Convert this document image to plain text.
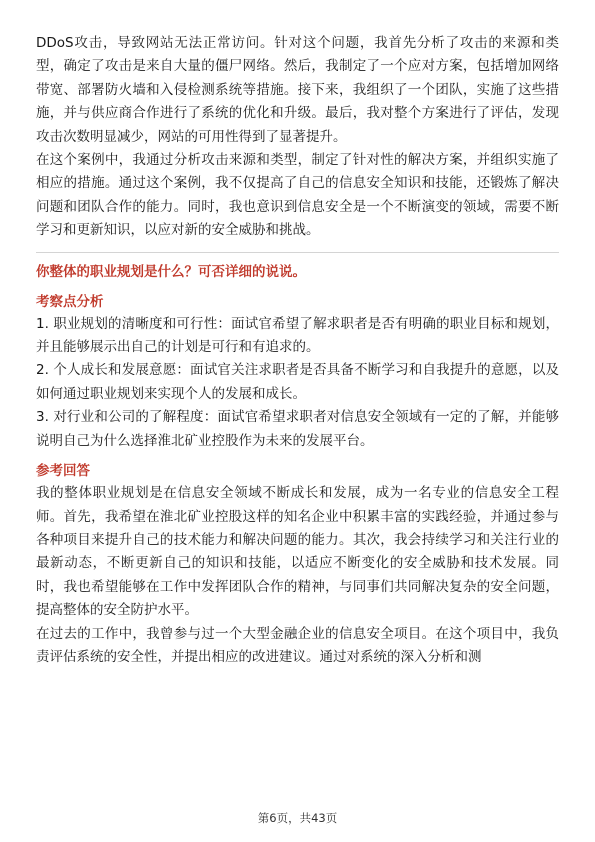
DDoS攻击，导致网站无法正常访问。针对这个问题，我首先分析了攻击的来源和类型，确定了攻击是来自大量的僵尸网络。然后，我制定了一个应对方案，包括增加网络带宽、部署防火墙和入侵检测系统等措施。接下来，我组织了一个团队，实施了这些措施，并与供应商合作进行了系统的优化和升级。最后，我对整个方案进行了评估，发现攻击次数明显减少，网站的可用性得到了显著提升。

在这个案例中，我通过分析攻击来源和类型，制定了针对性的解决方案，并组织实施了相应的措施。通过这个案例，我不仅提高了自己的信息安全知识和技能，还锻炼了解决问题和团队合作的能力。同时，我也意识到信息安全是一个不断演变的领域，需要不断学习和更新知识，以应对新的安全威胁和挑战。

你整体的职业规划是什么？可否详细的说说。

考察点分析

1. 职业规划的清晰度和可行性：面试官希望了解求职者是否有明确的职业目标和规划，并且能够展示出自己的计划是可行和有追求的。

2. 个人成长和发展意愿：面试官关注求职者是否具备不断学习和自我提升的意愿，以及如何通过职业规划来实现个人的发展和成长。

3. 对行业和公司的了解程度：面试官希望求职者对信息安全领域有一定的了解，并能够说明自己为什么选择淮北矿业控股作为未来的发展平台。

参考回答

我的整体职业规划是在信息安全领域不断成长和发展，成为一名专业的信息安全工程师。首先，我希望在淮北矿业控股这样的知名企业中积累丰富的实践经验，并通过参与各种项目来提升自己的技术能力和解决问题的能力。其次，我会持续学习和关注行业的最新动态，不断更新自己的知识和技能，以适应不断变化的安全威胁和技术发展。同时，我也希望能够在工作中发挥团队合作的精神，与同事们共同解决复杂的安全问题，提高整体的安全防护水平。

在过去的工作中，我曾参与过一个大型金融企业的信息安全项目。在这个项目中，我负责评估系统的安全性，并提出相应的改进建议。通过对系统的深入分析和测

第6页，共43页
